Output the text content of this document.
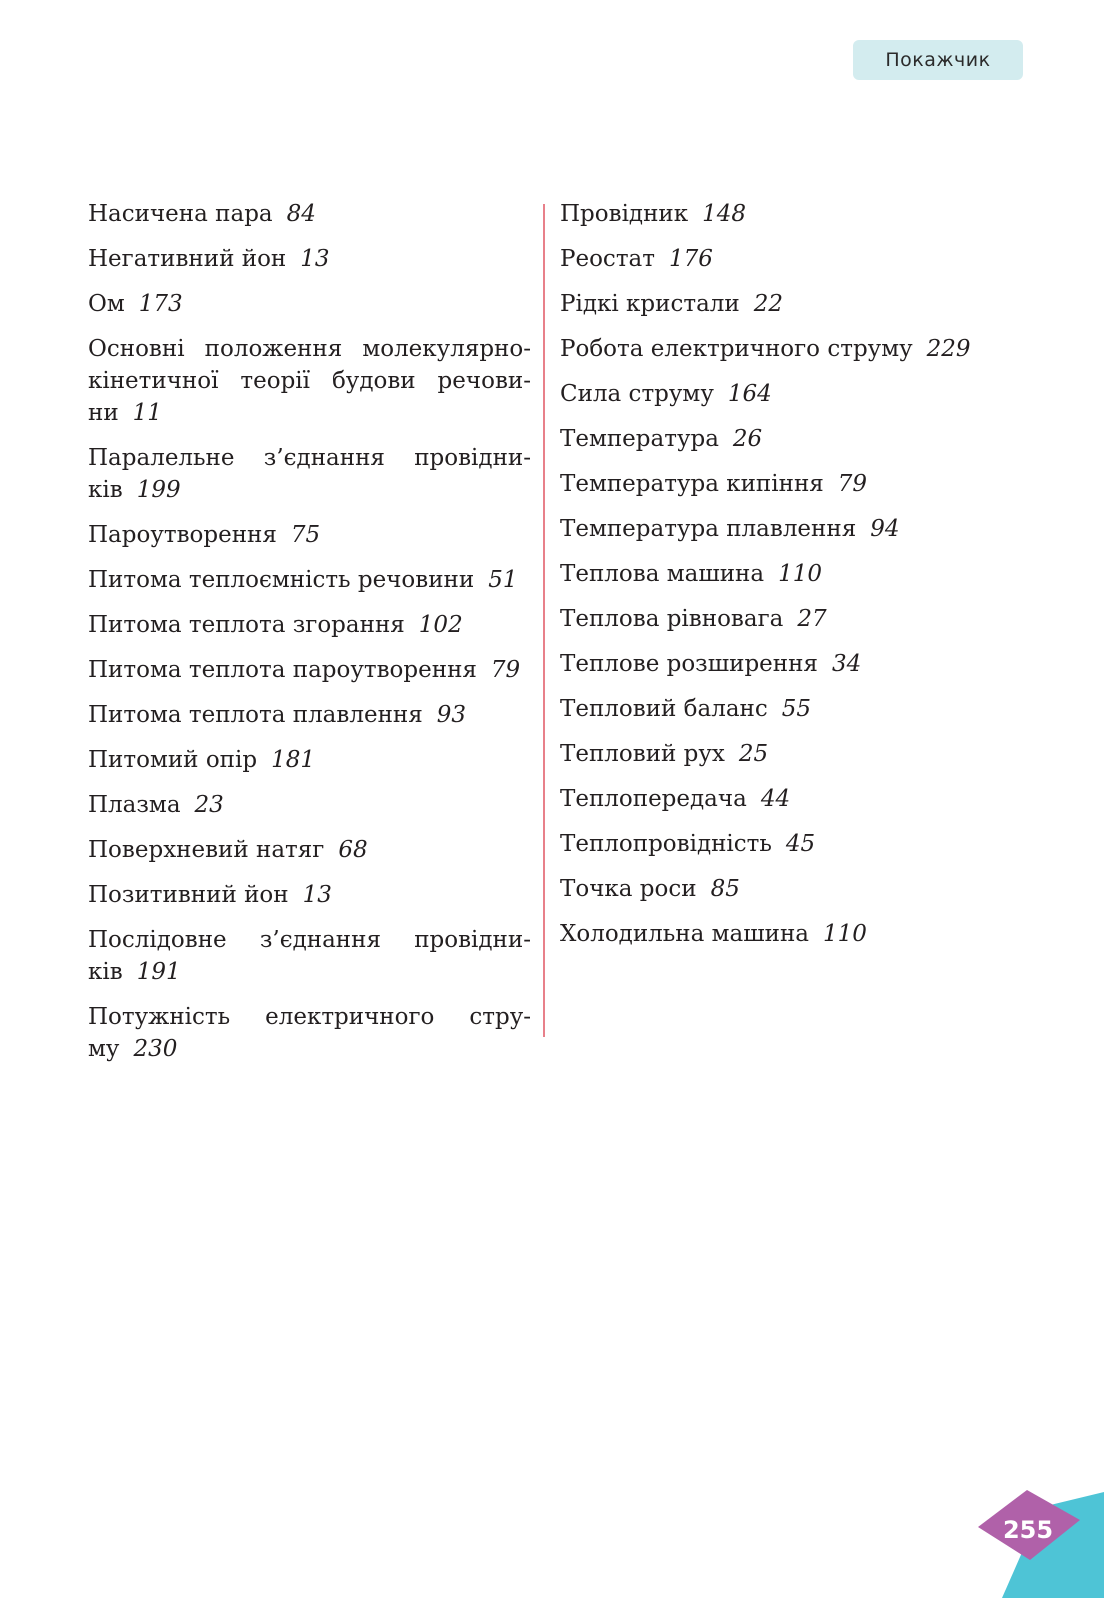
Покажчик
Насичена пара 84
Негативний йон 13
Ом 173
Основні положення молекулярно-кінетичної теорії будови речови-ни 11
Паралельне з’єднання провідни-ків 199
Пароутворення 75
Питома теплоємність речовини 51
Питома теплота згорання 102
Питома теплота пароутворення 79
Питома теплота плавлення 93
Питомий опір 181
Плазма 23
Поверхневий натяг 68
Позитивний йон 13
Послідовне з’єднання провідни-ків 191
Потужність електричного стру-му 230
Провідник 148
Реостат 176
Рідкі кристали 22
Робота електричного струму 229
Сила струму 164
Температура 26
Температура кипіння 79
Температура плавлення 94
Теплова машина 110
Теплова рівновага 27
Теплове розширення 34
Тепловий баланс 55
Тепловий рух 25
Теплопередача 44
Теплопровідність 45
Точка роси 85
Холодильна машина 110
255
